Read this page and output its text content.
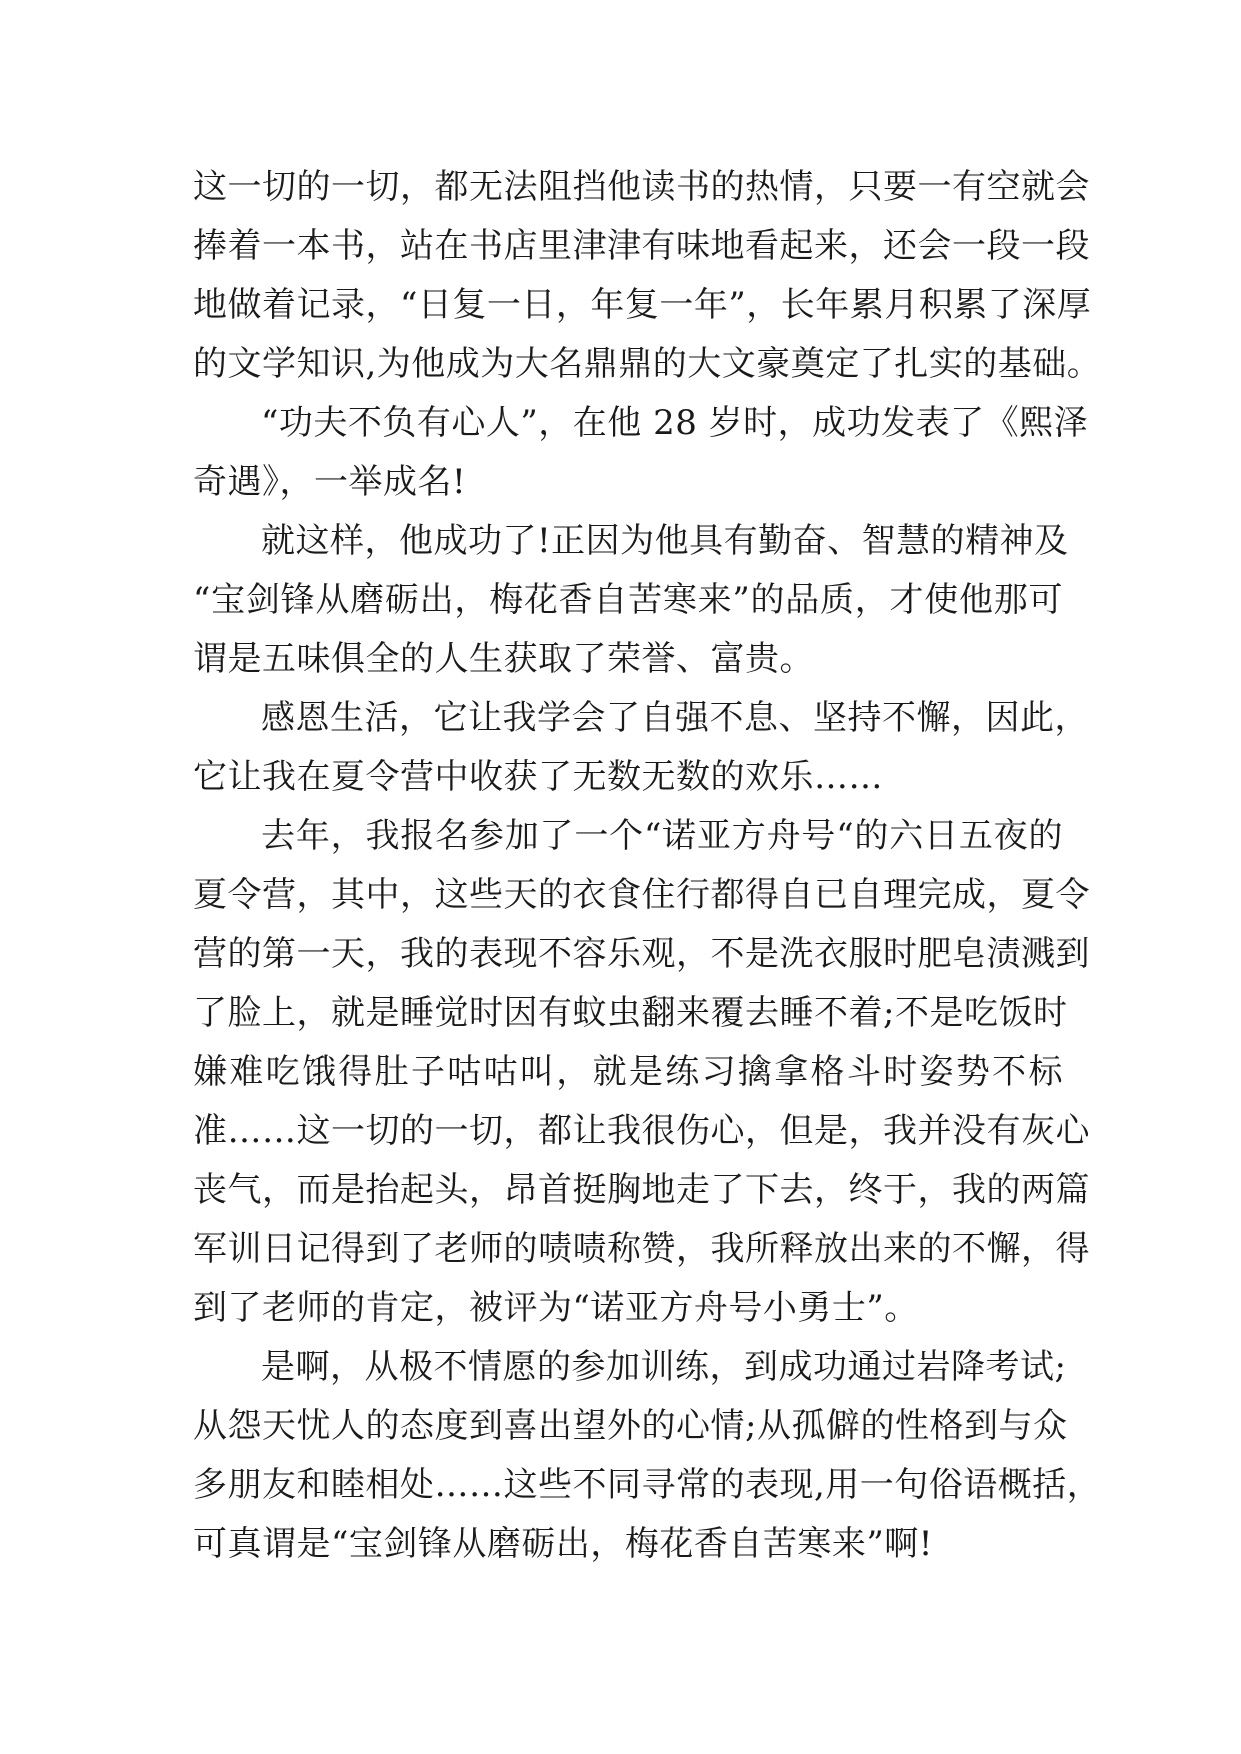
这一切的一切，都无法阻挡他读书的热情，只要一有空就会
捧着一本书，站在书店里津津有味地看起来，还会一段一段
地做着记录，“日复一日，年复一年”，长年累月积累了深厚
的文学知识,为他成为大名鼎鼎的大文豪奠定了扎实的基础。
“功夫不负有心人”，在他 28 岁时，成功发表了《熙泽
奇遇》，一举成名!
就这样，他成功了!正因为他具有勤奋、智慧的精神及
“宝剑锋从磨砺出，梅花香自苦寒来”的品质，才使他那可
谓是五味俱全的人生获取了荣誉、富贵。
感恩生活，它让我学会了自强不息、坚持不懈，因此，
它让我在夏令营中收获了无数无数的欢乐……
去年，我报名参加了一个“诺亚方舟号“的六日五夜的
夏令营，其中，这些天的衣食住行都得自已自理完成，夏令
营的第一天，我的表现不容乐观，不是洗衣服时肥皂渍溅到
了脸上，就是睡觉时因有蚊虫翻来覆去睡不着;不是吃饭时
嫌难吃饿得肚子咕咕叫，就是练习擒拿格斗时姿势不标
准……这一切的一切，都让我很伤心，但是，我并没有灰心
丧气，而是抬起头，昂首挺胸地走了下去，终于，我的两篇
军训日记得到了老师的啧啧称赞，我所释放出来的不懈，得
到了老师的肯定，被评为“诺亚方舟号小勇士”。
是啊，从极不情愿的参加训练，到成功通过岩降考试;
从怨天忧人的态度到喜出望外的心情;从孤僻的性格到与众
多朋友和睦相处……这些不同寻常的表现,用一句俗语概括，
可真谓是“宝剑锋从磨砺出，梅花香自苦寒来”啊!
